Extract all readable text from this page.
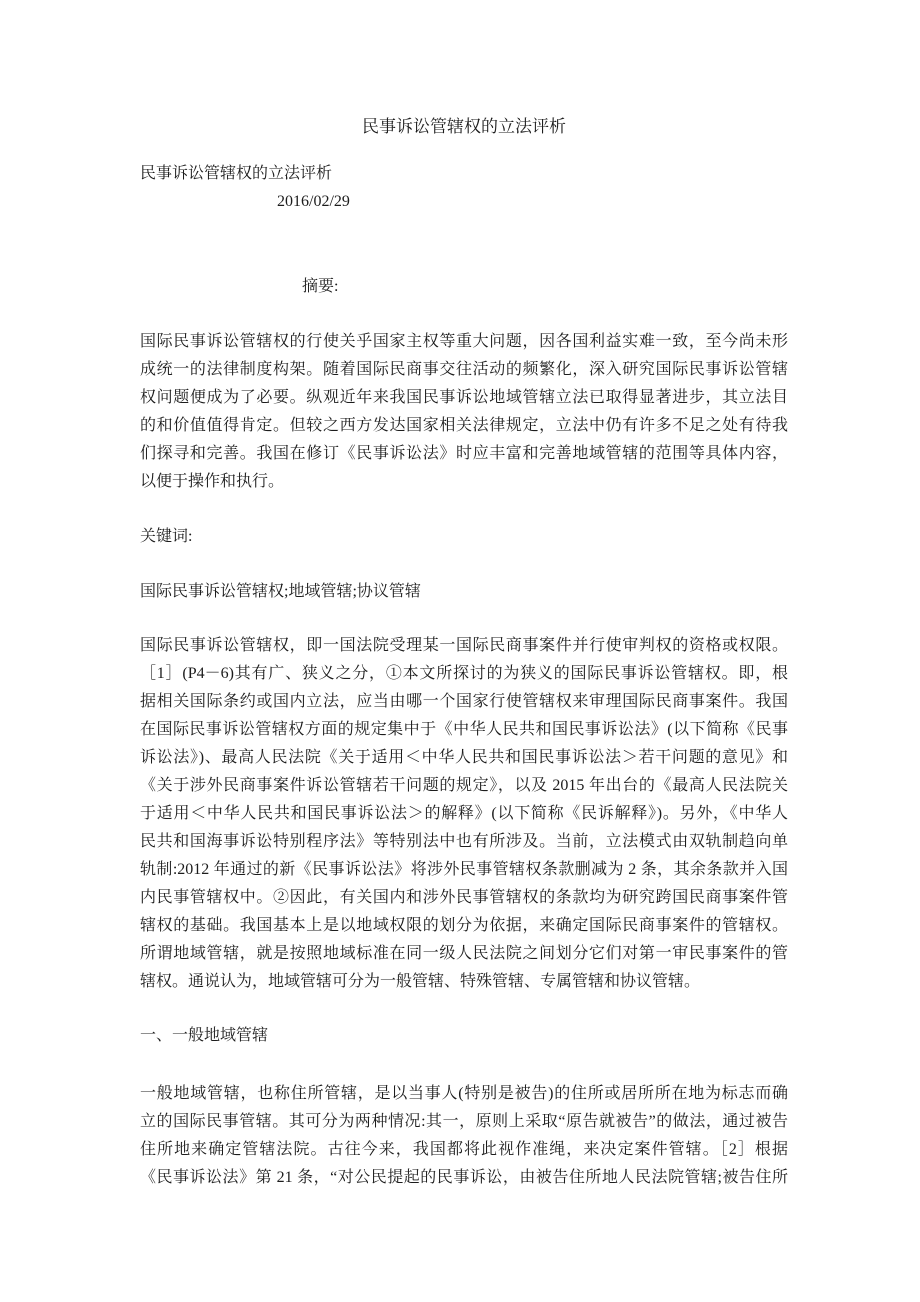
民事诉讼管辖权的立法评析
民事诉讼管辖权的立法评析
2016/02/29
摘要:
国际民事诉讼管辖权的行使关乎国家主权等重大问题，因各国利益实难一致，至今尚未形
成统一的法律制度构架。随着国际民商事交往活动的频繁化，深入研究国际民事诉讼管辖
权问题便成为了必要。纵观近年来我国民事诉讼地域管辖立法已取得显著进步，其立法目
的和价值值得肯定。但较之西方发达国家相关法律规定，立法中仍有许多不足之处有待我
们探寻和完善。我国在修订《民事诉讼法》时应丰富和完善地域管辖的范围等具体内容，
以便于操作和执行。
关键词:
国际民事诉讼管辖权;地域管辖;协议管辖
国际民事诉讼管辖权，即一国法院受理某一国际民商事案件并行使审判权的资格或权限。
［1］(P4－6)其有广、狭义之分，①本文所探讨的为狭义的国际民事诉讼管辖权。即，根
据相关国际条约或国内立法，应当由哪一个国家行使管辖权来审理国际民商事案件。我国
在国际民事诉讼管辖权方面的规定集中于《中华人民共和国民事诉讼法》(以下简称《民事
诉讼法》)、最高人民法院《关于适用＜中华人民共和国民事诉讼法＞若干问题的意见》和
《关于涉外民商事案件诉讼管辖若干问题的规定》，以及 2015 年出台的《最高人民法院关
于适用＜中华人民共和国民事诉讼法＞的解释》(以下简称《民诉解释》)。另外，《中华人
民共和国海事诉讼特别程序法》等特别法中也有所涉及。当前，立法模式由双轨制趋向单
轨制:2012 年通过的新《民事诉讼法》将涉外民事管辖权条款删减为 2 条，其余条款并入国
内民事管辖权中。②因此，有关国内和涉外民事管辖权的条款均为研究跨国民商事案件管
辖权的基础。我国基本上是以地域权限的划分为依据，来确定国际民商事案件的管辖权。
所谓地域管辖，就是按照地域标准在同一级人民法院之间划分它们对第一审民事案件的管
辖权。通说认为，地域管辖可分为一般管辖、特殊管辖、专属管辖和协议管辖。
一、一般地域管辖
一般地域管辖，也称住所管辖，是以当事人(特别是被告)的住所或居所所在地为标志而确
立的国际民事管辖。其可分为两种情况:其一，原则上采取“原告就被告”的做法，通过被告
住所地来确定管辖法院。古往今来，我国都将此视作准绳，来决定案件管辖。［2］根据
《民事诉讼法》第 21 条，“对公民提起的民事诉讼，由被告住所地人民法院管辖;被告住所
